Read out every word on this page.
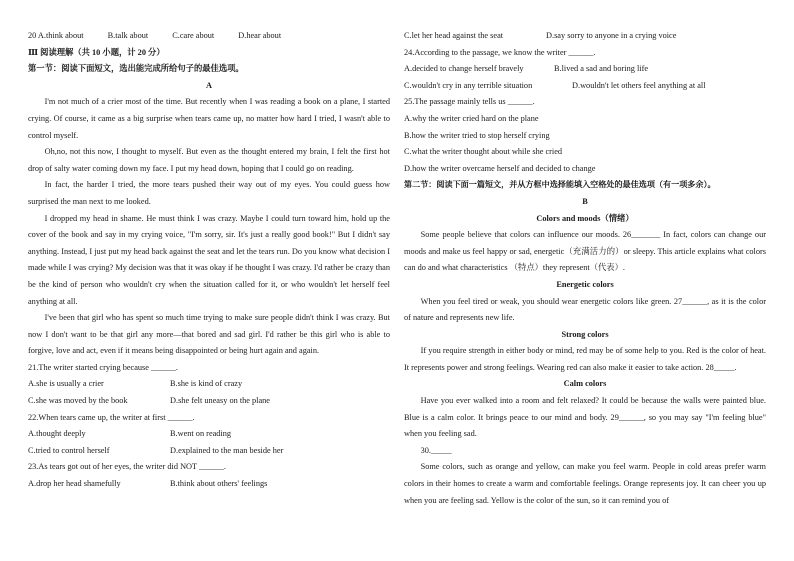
20 A.think about	B.talk about	C.care about	D.hear about

Ⅲ 阅读理解（共 10 小题，计 20 分）

第一节：阅读下面短文，选出能完成所给句子的最佳选项。

A

I'm not much of a crier most of the time. But recently when I was reading a book on a plane, I started crying. Of course, it came as a big surprise when tears came up, no matter how hard I tried, I wasn't able to control myself.

Oh,no, not this now, I thought to myself. But even as the thought entered my brain, I felt the first hot drop of salty water coming down my face. I put my head down, hoping that I could go on reading.

In fact, the harder I tried, the more tears pushed their way out of my eyes. You could guess how surprised the man next to me looked.

I dropped my head in shame. He must think I was crazy. Maybe I could turn toward him, hold up the cover of the book and say in my crying voice, "I'm sorry, sir. It's just a really good book!" But I didn't say anything. Instead, I just put my head back against the seat and let the tears run. Do you know what decision I made while I was crying? My decision was that it was okay if he thought I was crazy. I'd rather be crazy than be the kind of person who wouldn't cry when the situation called for it, or who wouldn't let herself feel anything at all.

I've been that girl who has spent so much time trying to make sure people didn't think I was crazy. But now I don't want to be that girl any more—that bored and sad girl. I'd rather be this girl who is able to forgive, love and act, even if it means being disappointed or being hurt again and again.

21.The writer started crying because ______.

A.she is usually a crier	B.she is kind of crazy
C.she was moved by the book	D.she felt uneasy on the plane

22.When tears came up, the writer at first ______.

A.thought deeply	B.went on reading
C.tried to control herself	D.explained to the man beside her

23.As tears got out of her eyes, the writer did NOT ______.

A.drop her head shamefully	B.think about others' feelings
C.let her head against the seat	D.say sorry to anyone in a crying voice

24.According to the passage, we know the writer ______.

A.decided to change herself bravely	B.lived a sad and boring life
C.wouldn't cry in any terrible situation	D.wouldn't let others feel anything at all

25.The passage mainly tells us ______.

A.why the writer cried hard on the plane

B.how the writer tried to stop herself crying

C.what the writer thought about while she cried

D.how the writer overcame herself and decided to change

第二节：阅读下面一篇短文，并从方框中选择能填入空格处的最佳选项（有一项多余）。

B

Colors and moods（情绪）

Some people believe that colors can influence our moods. 26_______ In fact, colors can change our moods and make us feel happy or sad, energetic（充满活力的）or sleepy. This article explains what colors can do and what characteristics （特点）they represent（代表）.

Energetic colors

When you feel tired or weak, you should wear energetic colors like green. 27______, as it is the color of nature and represents new life.

Strong colors

If you require strength in either body or mind, red may be of some help to you. Red is the color of heat. It represents power and strong feelings. Wearing red can also make it easier to take action. 28_____.

Calm colors

Have you ever walked into a room and felt relaxed? It could be because the walls were painted blue. Blue is a calm color. It brings peace to our mind and body. 29______, so you may say "I'm feeling blue" when you feeling sad.

30._____

Some colors, such as orange and yellow, can make you feel warm. People in cold areas prefer warm colors in their homes to create a warm and comfortable feelings. Orange represents joy. It can cheer you up when you are feeling sad. Yellow is the color of the sun, so it can remind you of
